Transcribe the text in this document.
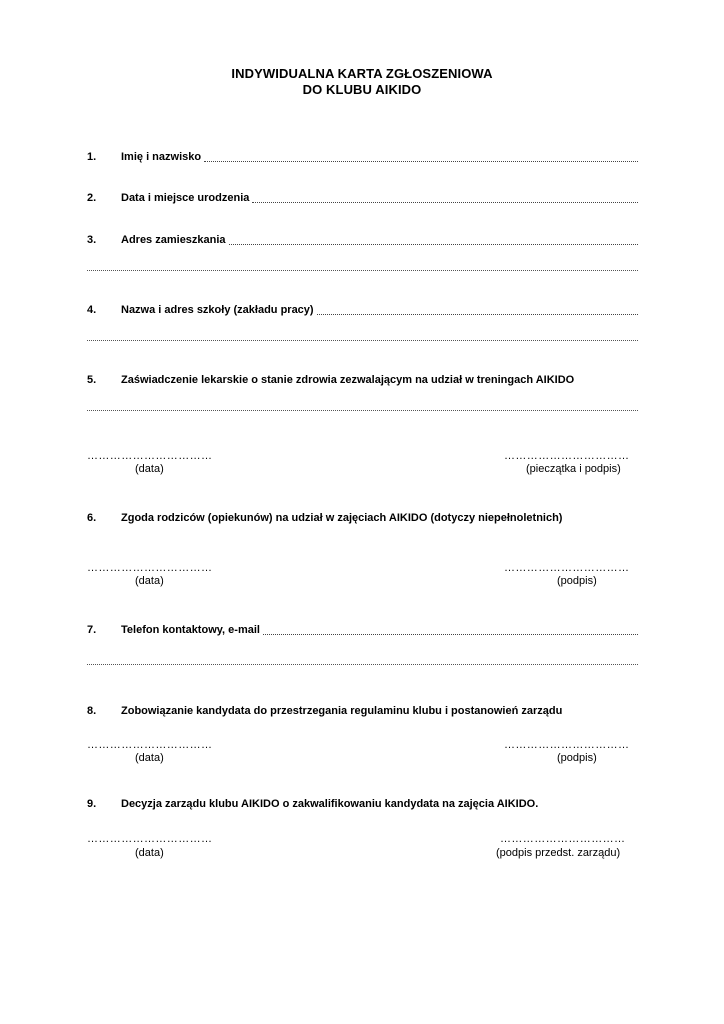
INDYWIDUALNA KARTA ZGŁOSZENIOWA
DO KLUBU AIKIDO
1.	Imię i nazwisko
2.	Data i miejsce urodzenia
3.	Adres zamieszkania
4.	Nazwa i adres szkoły (zakładu pracy)
5.	Zaświadczenie lekarskie o stanie zdrowia zezwalającym na udział w treningach AIKIDO
……………………………	……………………………
(data)	(pieczątka i podpis)
6.	Zgoda rodziców (opiekunów) na udział w zajęciach AIKIDO (dotyczy niepełnoletnich)
……………………………	……………………………
(data)	(podpis)
7.	Telefon kontaktowy, e-mail
8.	Zobowiązanie kandydata do przestrzegania regulaminu klubu i postanowień zarządu
……………………………	……………………………
(data)	(podpis)
9.	Decyzja zarządu klubu AIKIDO o zakwalifikowaniu kandydata na zajęcia AIKIDO.
……………………………	……………………………
(data)	(podpis przedst. zarządu)
